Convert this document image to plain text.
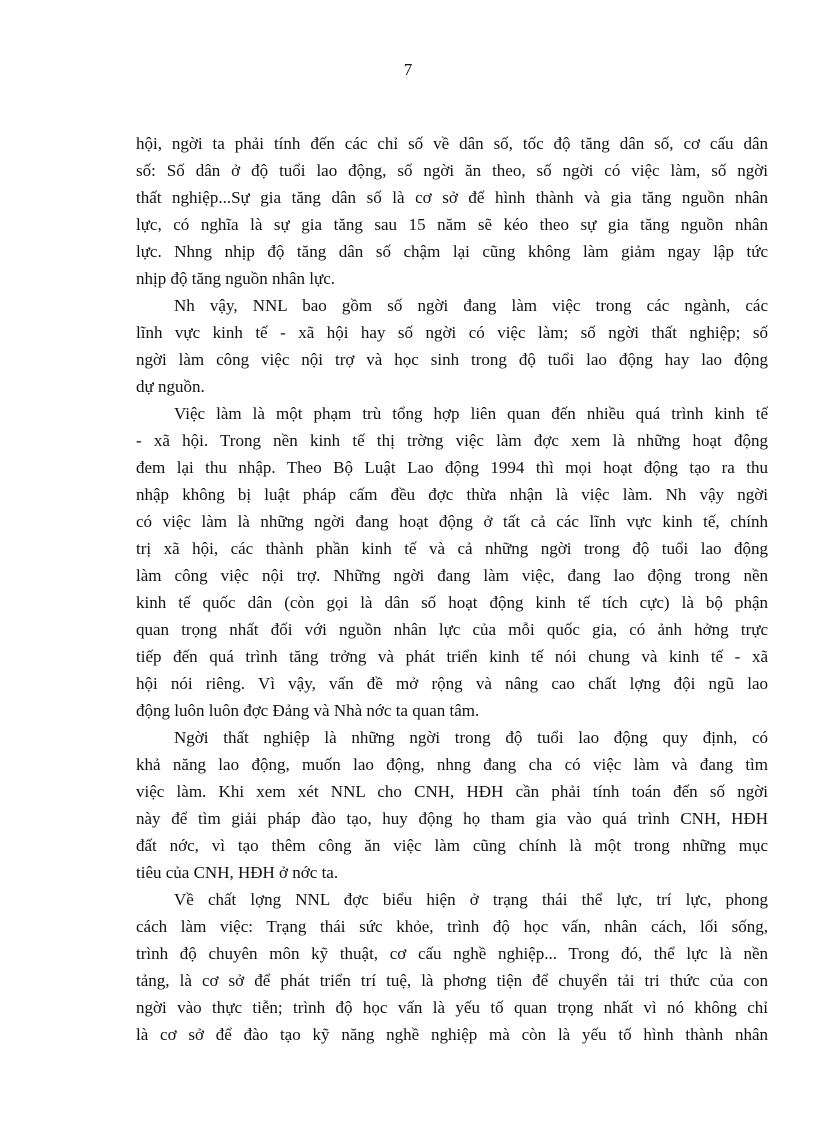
7
hội, ngời ta phải tính đến các chỉ số về dân số, tốc độ tăng dân số, cơ cấu dân
số: Số dân ở độ tuổi lao động, số ngời ăn theo, số ngời có việc làm, số ngời
thất nghiệp...Sự gia tăng dân số là cơ sở để hình thành và gia tăng nguồn nhân
lực, có nghĩa là sự gia tăng sau 15 năm sẽ kéo theo sự gia tăng nguồn nhân
lực. Nhng nhịp độ tăng dân số chậm lại cũng không làm giảm ngay lập tức
nhịp độ tăng nguồn nhân lực.
Nh vậy, NNL bao gồm số ngời đang làm việc trong các ngành, các
lĩnh vực kinh tế - xã hội hay số ngời có việc làm; số ngời thất nghiệp; số
ngời làm công việc nội trợ và học sinh trong độ tuổi lao động hay lao động
dự nguồn.
Việc làm là một phạm trù tổng hợp liên quan đến nhiều quá trình kinh tế
- xã hội. Trong nền kinh tế thị trờng việc làm đợc xem là những hoạt động
đem lại thu nhập. Theo Bộ Luật Lao động 1994 thì mọi hoạt động tạo ra thu
nhập không bị luật pháp cấm đều đợc thừa nhận là việc làm. Nh vậy ngời
có việc làm là những ngời đang hoạt động ở tất cả các lĩnh vực kinh tế, chính
trị xã hội, các thành phần kinh tế và cả những ngời trong độ tuổi lao động
làm công việc nội trợ. Những ngời đang làm việc, đang lao động trong nền
kinh tế quốc dân (còn gọi là dân số hoạt động kinh tế tích cực) là bộ phận
quan trọng nhất đối với nguồn nhân lực của mỗi quốc gia, có ảnh hởng trực
tiếp đến quá trình tăng trởng và phát triển kinh tế nói chung và kinh tế - xã
hội nói riêng. Vì vậy, vấn đề mở rộng và nâng cao chất lợng đội ngũ lao
động luôn luôn đợc Đảng và Nhà nớc ta quan tâm.
Ngời thất nghiệp là những ngời trong độ tuổi lao động quy định, có
khả năng lao động, muốn lao động, nhng đang cha có việc làm và đang tìm
việc làm. Khi xem xét NNL cho CNH, HĐH cần phải tính toán đến số ngời
này để tìm giải pháp đào tạo, huy động họ tham gia vào quá trình CNH, HĐH
đất nớc, vì tạo thêm công ăn việc làm cũng chính là một trong những mục
tiêu của CNH, HĐH ở nớc ta.
Về chất lợng NNL đợc biểu hiện ở trạng thái thể lực, trí lực, phong
cách làm việc: Trạng thái sức khỏe, trình độ học vấn, nhân cách, lối sống,
trình độ chuyên môn kỹ thuật, cơ cấu nghề nghiệp... Trong đó, thể lực là nền
tảng, là cơ sở để phát triển trí tuệ, là phơng tiện để chuyển tải tri thức của con
ngời vào thực tiễn; trình độ học vấn là yếu tố quan trọng nhất vì nó không chỉ
là cơ sở để đào tạo kỹ năng nghề nghiệp mà còn là yếu tố hình thành nhân
